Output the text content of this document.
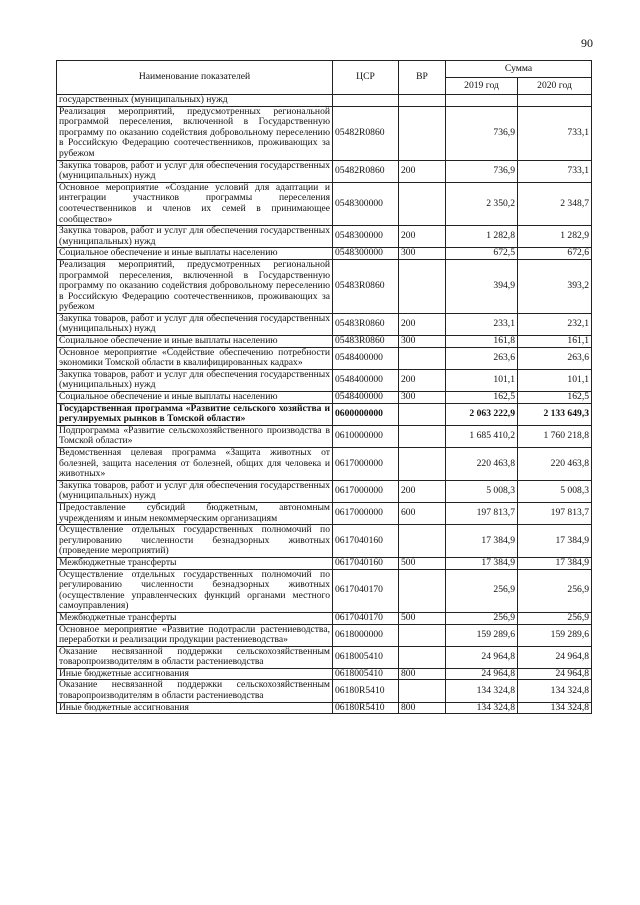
90
Наименование показателей	ЦСР	ВР	Сумма	
			2019 год	2020 год
государственных (муниципальных) нужд				
Реализация мероприятий, предусмотренных региональной программой переселения, включенной в Государственную программу по оказанию содействия добровольному переселению в Российскую Федерацию соотечественников, проживающих за рубежом	05482R0860		736,9	733,1
Закупка товаров, работ и услуг для обеспечения государственных (муниципальных) нужд	05482R0860	200	736,9	733,1
Основное мероприятие «Создание условий для адаптации и интеграции участников программы переселения соотечественников и членов их семей в принимающее сообщество»	0548300000		2 350,2	2 348,7
Закупка товаров, работ и услуг для обеспечения государственных (муниципальных) нужд	0548300000	200	1 282,8	1 282,9
Социальное обеспечение и иные выплаты населению	0548300000	300	672,5	672,6
Реализация мероприятий, предусмотренных региональной программой переселения, включенной в Государственную программу по оказанию содействия добровольному переселению в Российскую Федерацию соотечественников, проживающих за рубежом	05483R0860		394,9	393,2
Закупка товаров, работ и услуг для обеспечения государственных (муниципальных) нужд	05483R0860	200	233,1	232,1
Социальное обеспечение и иные выплаты населению	05483R0860	300	161,8	161,1
Основное мероприятие «Содействие обеспечению потребности экономики Томской области в квалифицированных кадрах»	0548400000		263,6	263,6
Закупка товаров, работ и услуг для обеспечения государственных (муниципальных) нужд	0548400000	200	101,1	101,1
Социальное обеспечение и иные выплаты населению	0548400000	300	162,5	162,5
Государственная программа «Развитие сельского хозяйства и регулируемых рынков в Томской области»	0600000000		2 063 222,9	2 133 649,3
Подпрограмма «Развитие сельскохозяйственного производства в Томской области»	0610000000		1 685 410,2	1 760 218,8
Ведомственная целевая программа «Защита животных от болезней, защита населения от болезней, общих для человека и животных»	0617000000		220 463,8	220 463,8
Закупка товаров, работ и услуг для обеспечения государственных (муниципальных) нужд	0617000000	200	5 008,3	5 008,3
Предоставление субсидий бюджетным, автономным учреждениям и иным некоммерческим организациям	0617000000	600	197 813,7	197 813,7
Осуществление отдельных государственных полномочий по регулированию численности безнадзорных животных (проведение мероприятий)	0617040160		17 384,9	17 384,9
Межбюджетные трансферты	0617040160	500	17 384,9	17 384,9
Осуществление отдельных государственных полномочий по регулированию численности безнадзорных животных (осуществление управленческих функций органами местного самоуправления)	0617040170		256,9	256,9
Межбюджетные трансферты	0617040170	500	256,9	256,9
Основное мероприятие «Развитие подотрасли растениеводства, переработки и реализации продукции растениеводства»	0618000000		159 289,6	159 289,6
Оказание несвязанной поддержки сельскохозяйственным товаропроизводителям в области растениеводства	0618005410		24 964,8	24 964,8
Иные бюджетные ассигнования	0618005410	800	24 964,8	24 964,8
Оказание несвязанной поддержки сельскохозяйственным товаропроизводителям в области растениеводства	06180R5410		134 324,8	134 324,8
Иные бюджетные ассигнования	06180R5410	800	134 324,8	134 324,8
